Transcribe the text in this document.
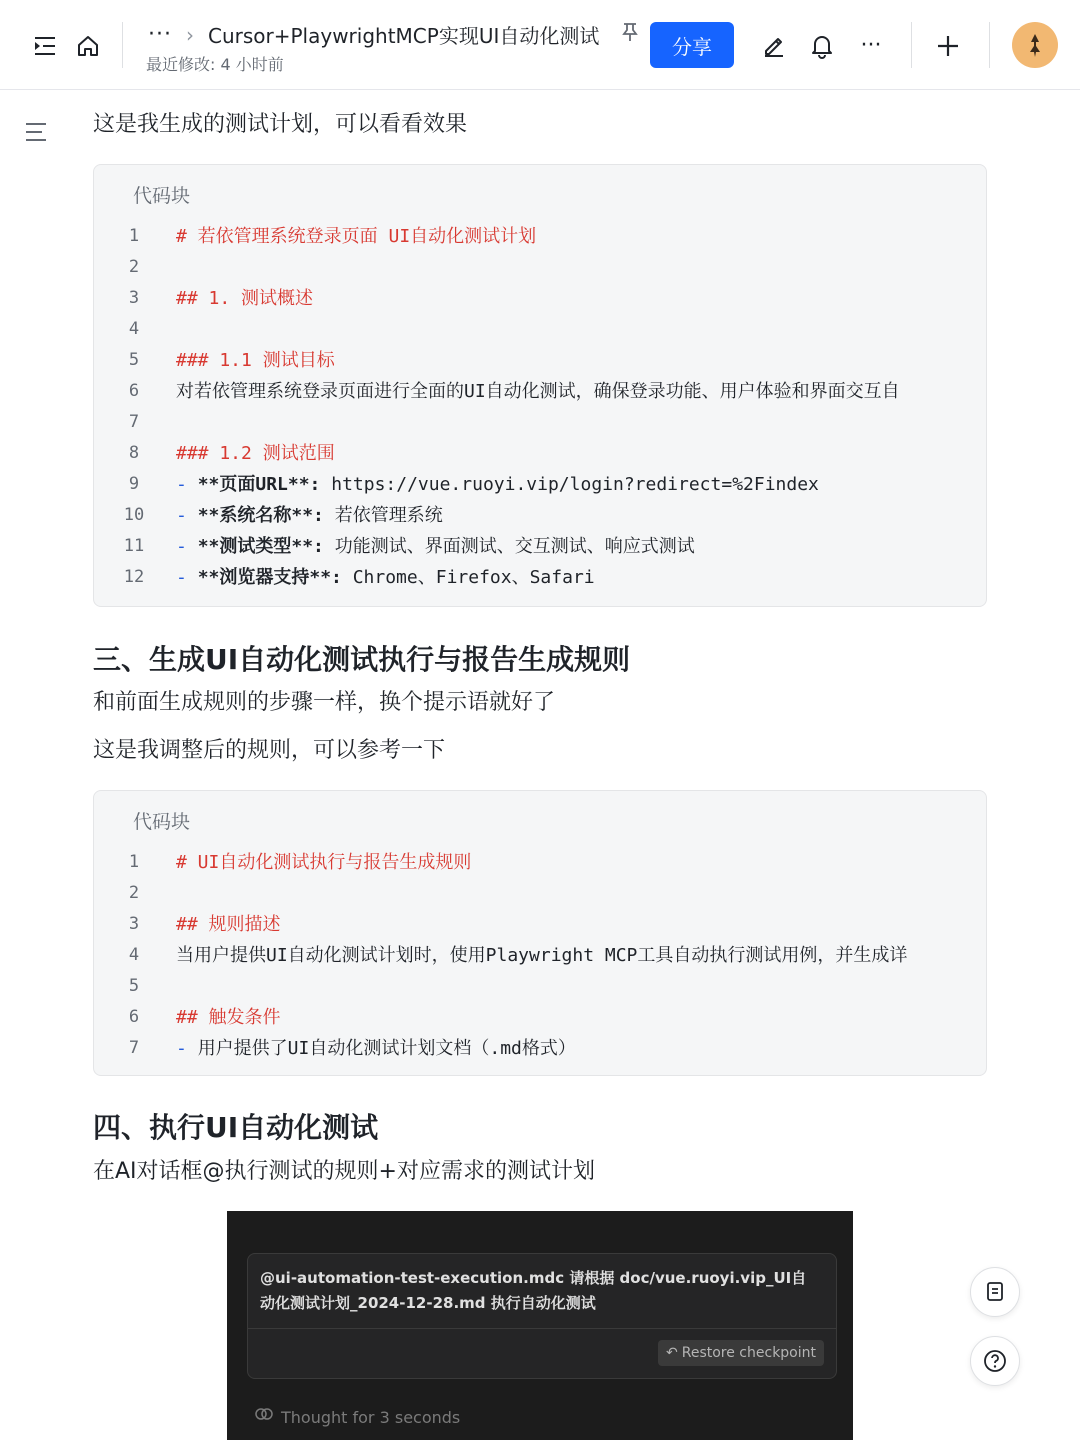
··· › Cursor+PlaywrightMCP实现UI自动化测试
最近修改: 4 小时前
分享	···
这是我生成的测试计划，可以看看效果
代码块
1	# 若依管理系统登录页面 UI自动化测试计划
2
3	## 1. 测试概述
4
5	### 1.1 测试目标
6	对若依管理系统登录页面进行全面的UI自动化测试，确保登录功能、用户体验和界面交互自
7
8	### 1.2 测试范围
9	- **页面URL**: https://vue.ruoyi.vip/login?redirect=%2Findex
10	- **系统名称**: 若依管理系统
11	- **测试类型**: 功能测试、界面测试、交互测试、响应式测试
12	- **浏览器支持**: Chrome、Firefox、Safari
三、生成UI自动化测试执行与报告生成规则
和前面生成规则的步骤一样，换个提示语就好了
这是我调整后的规则，可以参考一下
代码块
1	# UI自动化测试执行与报告生成规则
2
3	## 规则描述
4	当用户提供UI自动化测试计划时，使用Playwright MCP工具自动执行测试用例，并生成详
5
6	## 触发条件
7	- 用户提供了UI自动化测试计划文档（.md格式）
四、执行UI自动化测试
在AI对话框@执行测试的规则+对应需求的测试计划
@ui-automation-test-execution.mdc 请根据 doc/vue.ruoyi.vip_UI自动化测试计划_2024-12-28.md 执行自动化测试
↶ Restore checkpoint
Thought for 3 seconds
